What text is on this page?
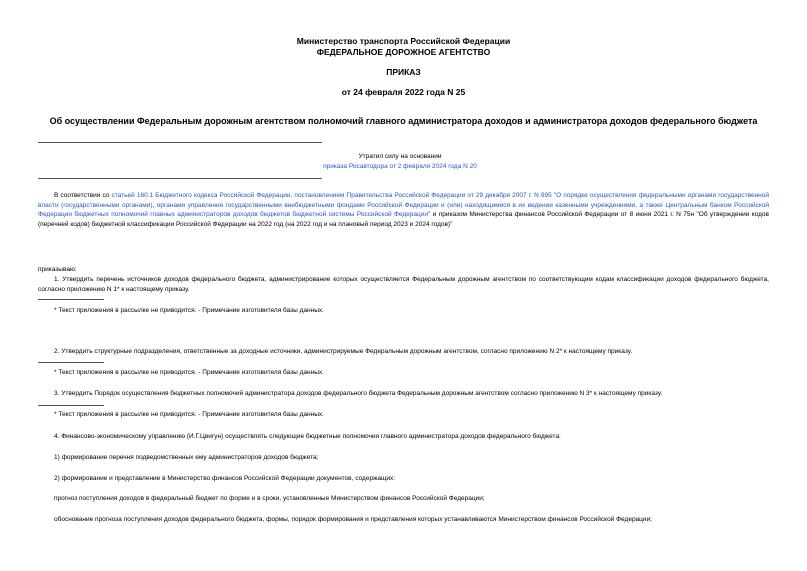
Министерство транспорта Российской Федерации
ФЕДЕРАЛЬНОЕ ДОРОЖНОЕ АГЕНТСТВО
ПРИКАЗ
от 24 февраля 2022 года N 25
Об осуществлении Федеральным дорожным агентством полномочий главного администратора доходов и администратора доходов федерального бюджета
Утратил силу на основании
приказа Росавтодора от 2 февраля 2024 года N 20
В соответствии со статьей 160.1 Бюджетного кодекса Российской Федерации, постановлением Правительства Российской Федерации от 29 декабря 2007 г. N 995 "О порядке осуществления федеральными органами государственной власти (государственными органами), органами управления государственными внебюджетными фондами Российской Федерации и (или) находящимися в их ведении казенными учреждениями, а также Центральным банком Российской Федерации бюджетных полномочий главных администраторов доходов бюджетов бюджетной системы Российской Федерации" и приказом Министерства финансов Российской Федерации от 8 июня 2021 г. N 75н "Об утверждении кодов (перечней кодов) бюджетной классификации Российской Федерации на 2022 год (на 2022 год и на плановый период 2023 и 2024 годов)"
приказываю:
1. Утвердить перечень источников доходов федерального бюджета, администрирование которых осуществляется Федеральным дорожным агентством по соответствующим кодам классификации доходов федерального бюджета, согласно приложению N 1* к настоящему приказу.
* Текст приложения в рассылке не приводится. - Примечание изготовителя базы данных.
2. Утвердить структурные подразделения, ответственные за доходные источники, администрируемые Федеральным дорожным агентством, согласно приложению N 2* к настоящему приказу.
* Текст приложения в рассылке не приводится. - Примечание изготовителя базы данных.
3. Утвердить Порядок осуществления бюджетных полномочий администратора доходов федерального бюджета Федеральным дорожным агентством согласно приложению N 3* к настоящему приказу.
* Текст приложения в рассылке не приводится. - Примечание изготовителя базы данных.
4. Финансово-экономическому управлению (И.Г.Цвигун) осуществлять следующие бюджетные полномочия главного администратора доходов федерального бюджета:
1) формирование перечня подведомственных ему администраторов доходов бюджета;
2) формирование и представление в Министерство финансов Российской Федерации документов, содержащих:
прогноз поступления доходов в федеральный бюджет по форме и в сроки, установленные Министерством финансов Российской Федерации;
обоснование прогноза поступления доходов федерального бюджета, формы, порядок формирования и представления которых устанавливаются Министерством финансов Российской Федерации;
